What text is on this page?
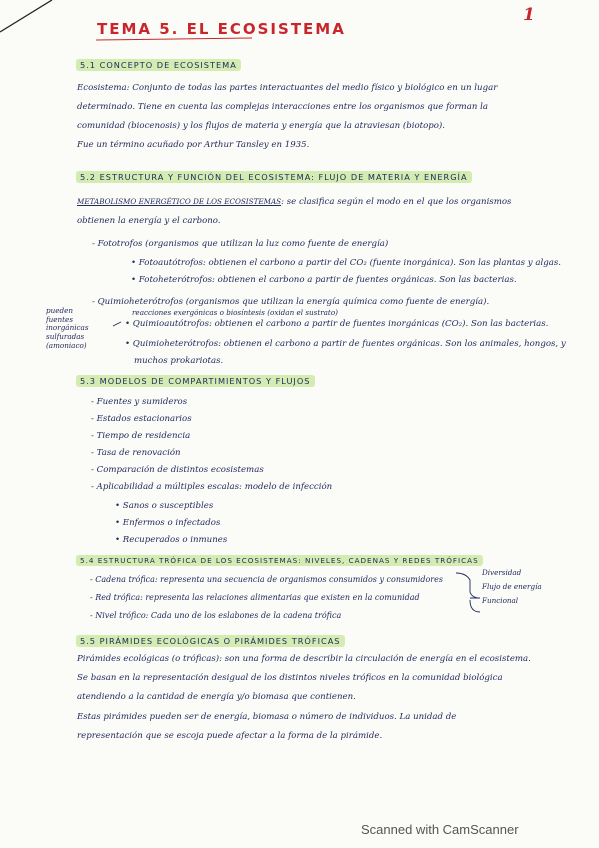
1
TEMA 5. EL ECOSISTEMA
5.1 CONCEPTO DE ECOSISTEMA
Ecosistema: Conjunto de todas las partes interactuantes del medio físico y biológico en un lugar
determinado. Tiene en cuenta las complejas interacciones entre los organismos que forman la
comunidad (biocenosis) y los flujos de materia y energía que la atraviesan (biotopo).
Fue un término acuñado por Arthur Tansley en 1935.
5.2 ESTRUCTURA Y FUNCIÓN DEL ECOSISTEMA: FLUJO DE MATERIA Y ENERGÍA
METABOLISMO ENERGÉTICO DE LOS ECOSISTEMAS: se clasifica según el modo en el que los organismos
obtienen la energía y el carbono.
- Fototrofos (organismos que utilizan la luz como fuente de energía)
• Fotoautótrofos: obtienen el carbono a partir del CO₂ (fuente inorgánica). Son las plantas y algas.
• Fotoheterótrofos: obtienen el carbono a partir de fuentes orgánicas. Son las bacterias.
- Quimioheterótrofos (organismos que utilizan la energía química como fuente de energía).
reacciones exergónicas o biosíntesis (oxidan el sustrato)
• Quimioautótrofos: obtienen el carbono a partir de fuentes inorgánicas (CO₂). Son las bacterias.
• Quimioheterótrofos: obtienen el carbono a partir de fuentes orgánicas. Son los animales, hongos, y
muchos prokariotas.
pueden
fuentes
inorgánicas
sulfuradas
(amoniaco)
5.3 MODELOS DE COMPARTIMIENTOS Y FLUJOS
- Fuentes y sumideros
- Estados estacionarios
- Tiempo de residencia
- Tasa de renovación
- Comparación de distintos ecosistemas
- Aplicabilidad a múltiples escalas: modelo de infección
• Sanos o susceptibles
• Enfermos o infectados
• Recuperados o inmunes
5.4 ESTRUCTURA TRÓFICA DE LOS ECOSISTEMAS: NIVELES, CADENAS Y REDES TRÓFICAS
- Cadena trófica: representa una secuencia de organismos consumidos y consumidores
- Red trófica: representa las relaciones alimentarias que existen en la comunidad
- Nivel trófico: Cada uno de los eslabones de la cadena trófica
Diversidad
Flujo de energía
Funcional
5.5 PIRÁMIDES ECOLÓGICAS O PIRÁMIDES TRÓFICAS
Pirámides ecológicas (o tróficas): son una forma de describir la circulación de energía en el ecosistema.
Se basan en la representación desigual de los distintos niveles tróficos en la comunidad biológica
atendiendo a la cantidad de energía y/o biomasa que contienen.
Estas pirámides pueden ser de energía, biomasa o número de individuos. La unidad de
representación que se escoja puede afectar a la forma de la pirámide.
Scanned with CamScanner
